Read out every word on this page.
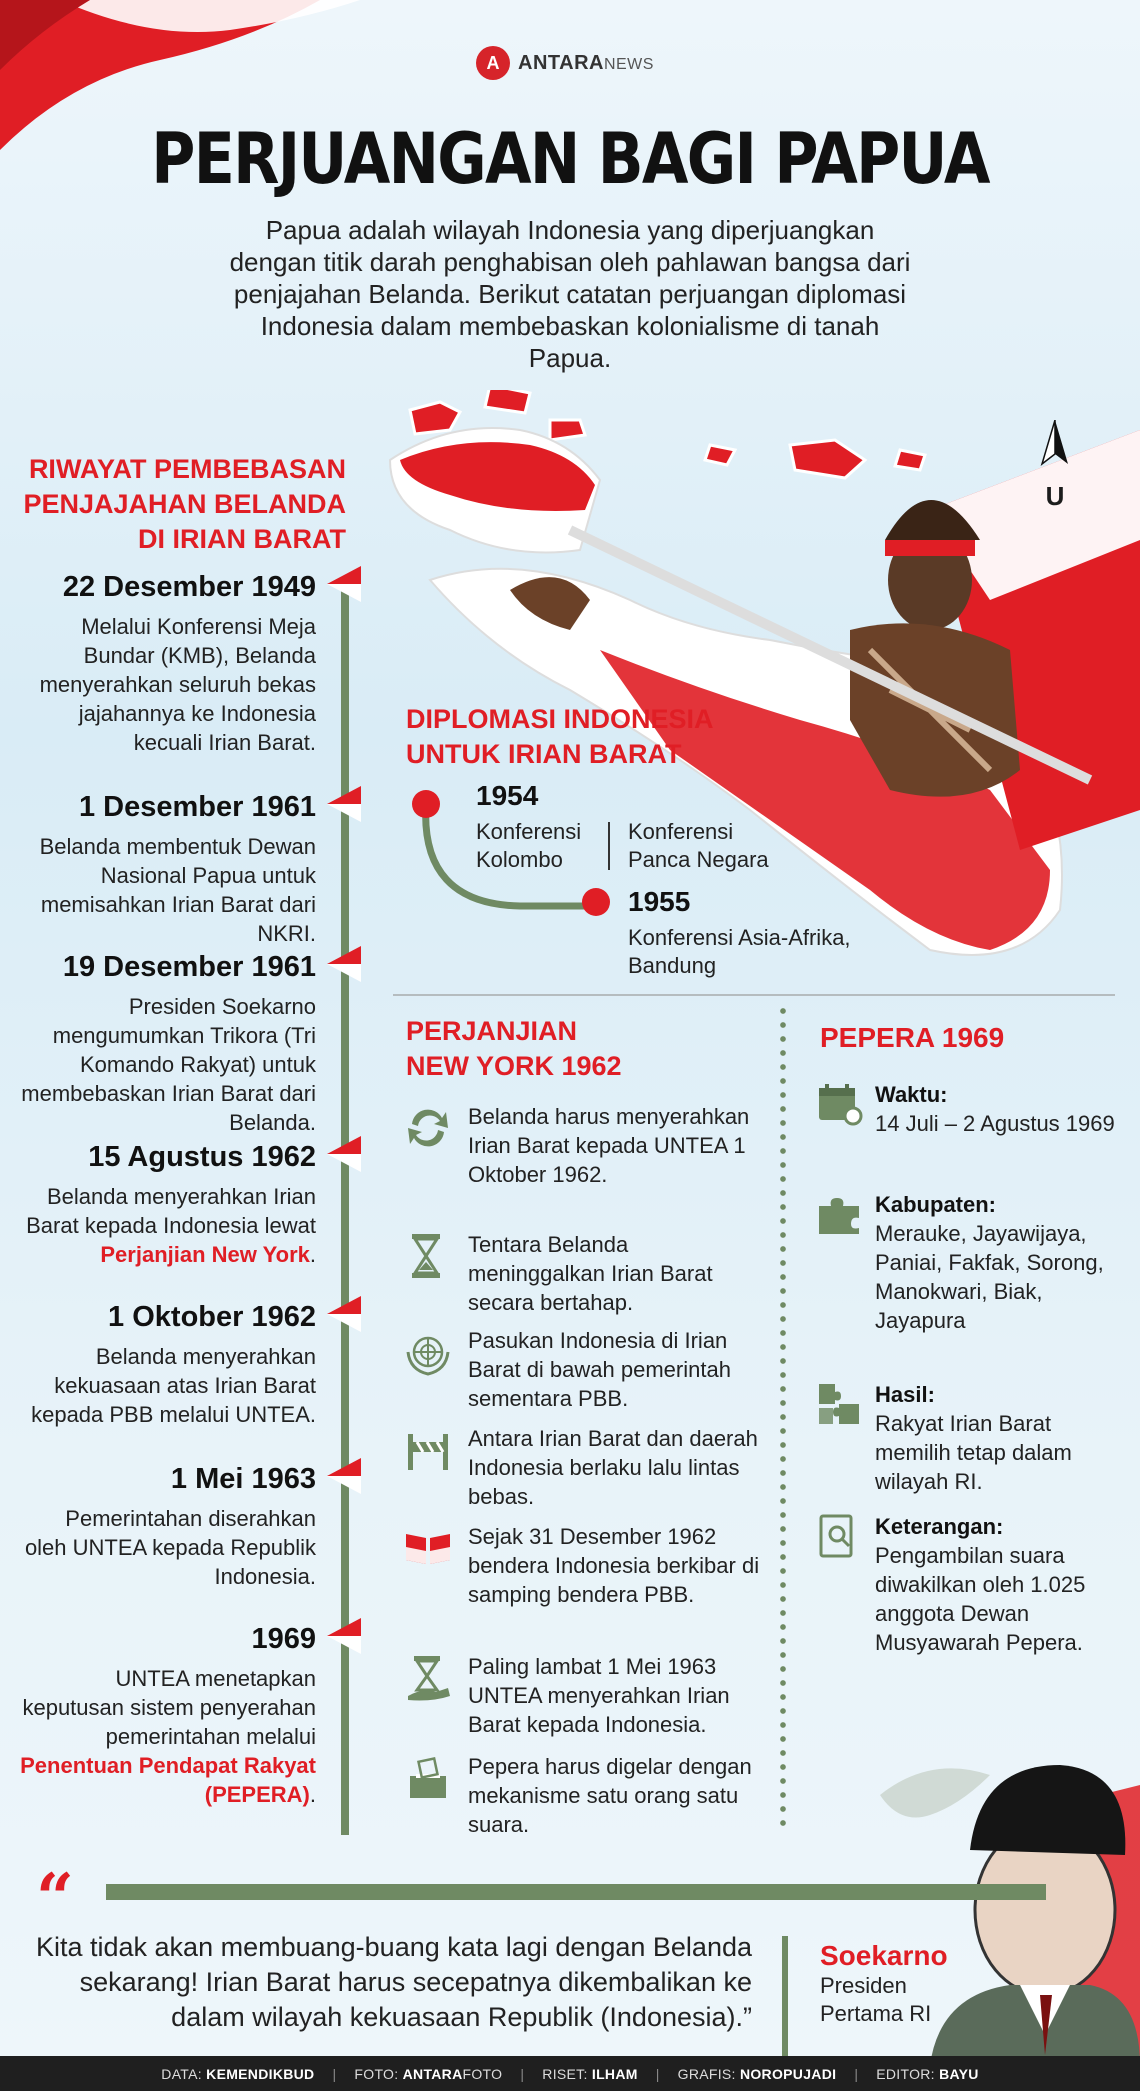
A ANTARANEWS
PERJUANGAN BAGI PAPUA
Papua adalah wilayah Indonesia yang diperjuangkan dengan titik darah penghabisan oleh pahlawan bangsa dari penjajahan Belanda. Berikut catatan perjuangan diplomasi Indonesia dalam membebaskan kolonialisme di tanah Papua.
U
RIWAYAT PEMBEBASAN
PENJAJAHAN BELANDA
DI IRIAN BARAT
22 Desember 1949
Melalui Konferensi Meja Bundar (KMB), Belanda menyerahkan seluruh bekas jajahannya ke Indonesia kecuali Irian Barat.
1 Desember 1961
Belanda membentuk Dewan Nasional Papua untuk memisahkan Irian Barat dari NKRI.
19 Desember 1961
Presiden Soekarno mengumumkan Trikora (Tri Komando Rakyat) untuk membebaskan Irian Barat dari Belanda.
15 Agustus 1962
Belanda menyerahkan Irian Barat kepada Indonesia lewat Perjanjian New York.
1 Oktober 1962
Belanda menyerahkan kekuasaan atas Irian Barat kepada PBB melalui UNTEA.
1 Mei 1963
Pemerintahan diserahkan oleh UNTEA kepada Republik Indonesia.
1969
UNTEA menetapkan keputusan sistem penyerahan pemerintahan melalui Penentuan Pendapat Rakyat (PEPERA).
DIPLOMASI INDONESIA
UNTUK IRIAN BARAT
1954
Konferensi
Kolombo
Konferensi
Panca Negara
1955
Konferensi Asia-Afrika,
Bandung
PERJANJIAN
NEW YORK 1962
Belanda harus menyerahkan Irian Barat kepada UNTEA 1 Oktober 1962.
Tentara Belanda meninggalkan Irian Barat secara bertahap.
Pasukan Indonesia di Irian Barat di bawah pemerintah sementara PBB.
Antara Irian Barat dan daerah Indonesia berlaku lalu lintas bebas.
Sejak 31 Desember 1962 bendera Indonesia berkibar di samping bendera PBB.
Paling lambat 1 Mei 1963 UNTEA menyerahkan Irian Barat kepada Indonesia.
Pepera harus digelar dengan mekanisme satu orang satu suara.
PEPERA 1969
Waktu:
14 Juli – 2 Agustus 1969
Kabupaten:
Merauke, Jayawijaya, Paniai, Fakfak, Sorong, Manokwari, Biak, Jayapura
Hasil:
Rakyat Irian Barat memilih tetap dalam wilayah RI.
Keterangan:
Pengambilan suara diwakilkan oleh 1.025 anggota Dewan Musyawarah Pepera.
“
Kita tidak akan membuang-buang kata lagi dengan Belanda sekarang! Irian Barat harus secepatnya dikembalikan ke dalam wilayah kekuasaan Republik (Indonesia).”
Soekarno
Presiden
Pertama RI
DATA: KEMENDIKBUD | FOTO: ANTARAFOTO | RISET: ILHAM | GRAFIS: NOROPUJADI | EDITOR: BAYU
